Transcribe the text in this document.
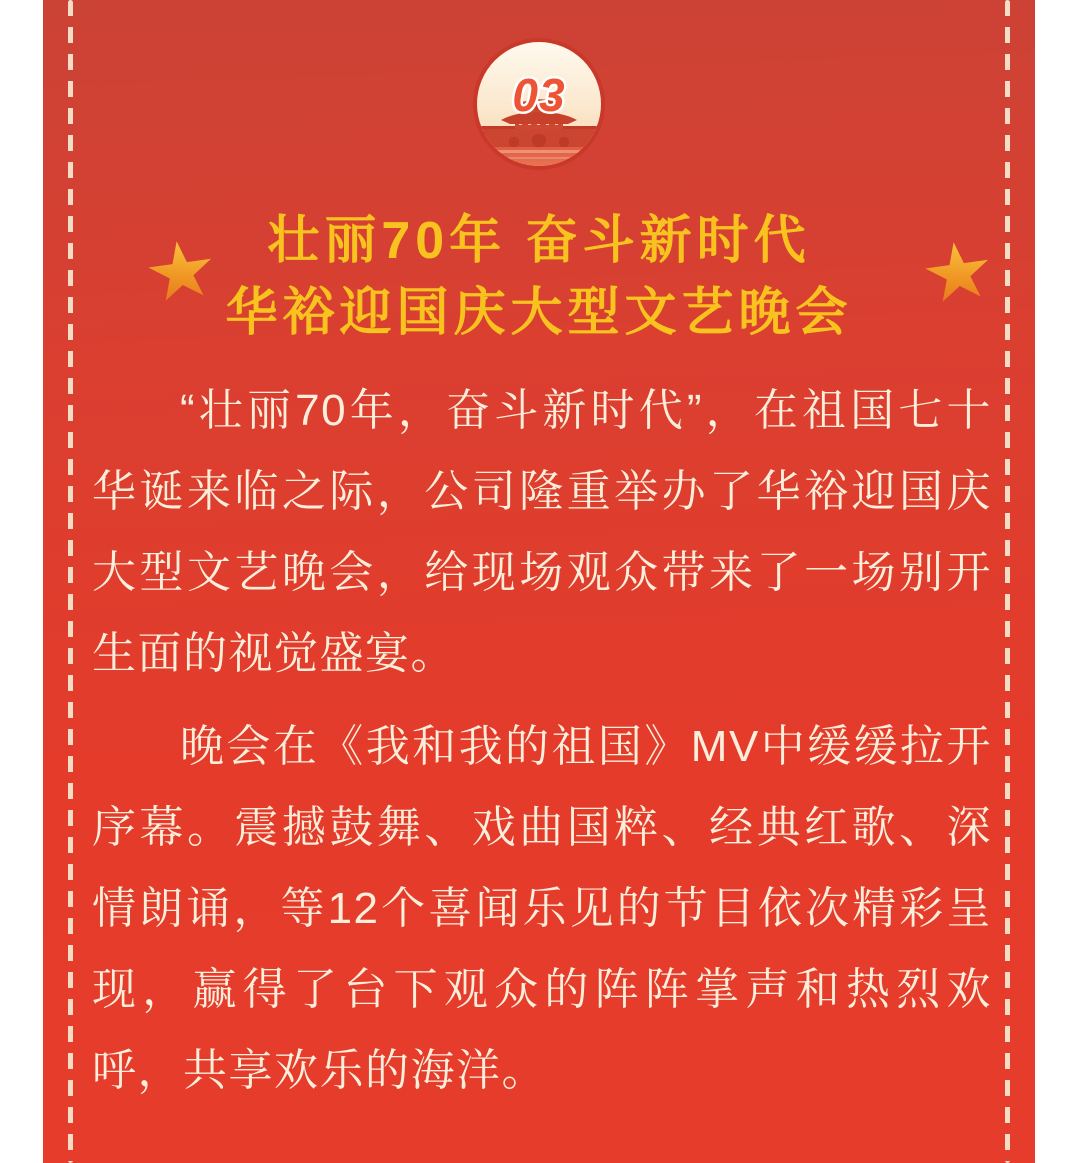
03
壮丽70年 奋斗新时代
华裕迎国庆大型文艺晚会

“壮丽70年，奋斗新时代”，在祖国七十华诞来临之际，公司隆重举办了华裕迎国庆大型文艺晚会，给现场观众带来了一场别开生面的视觉盛宴。

晚会在《我和我的祖国》MV中缓缓拉开序幕。震撼鼓舞、戏曲国粹、经典红歌、深情朗诵，等12个喜闻乐见的节目依次精彩呈现，赢得了台下观众的阵阵掌声和热烈欢呼，共享欢乐的海洋。
